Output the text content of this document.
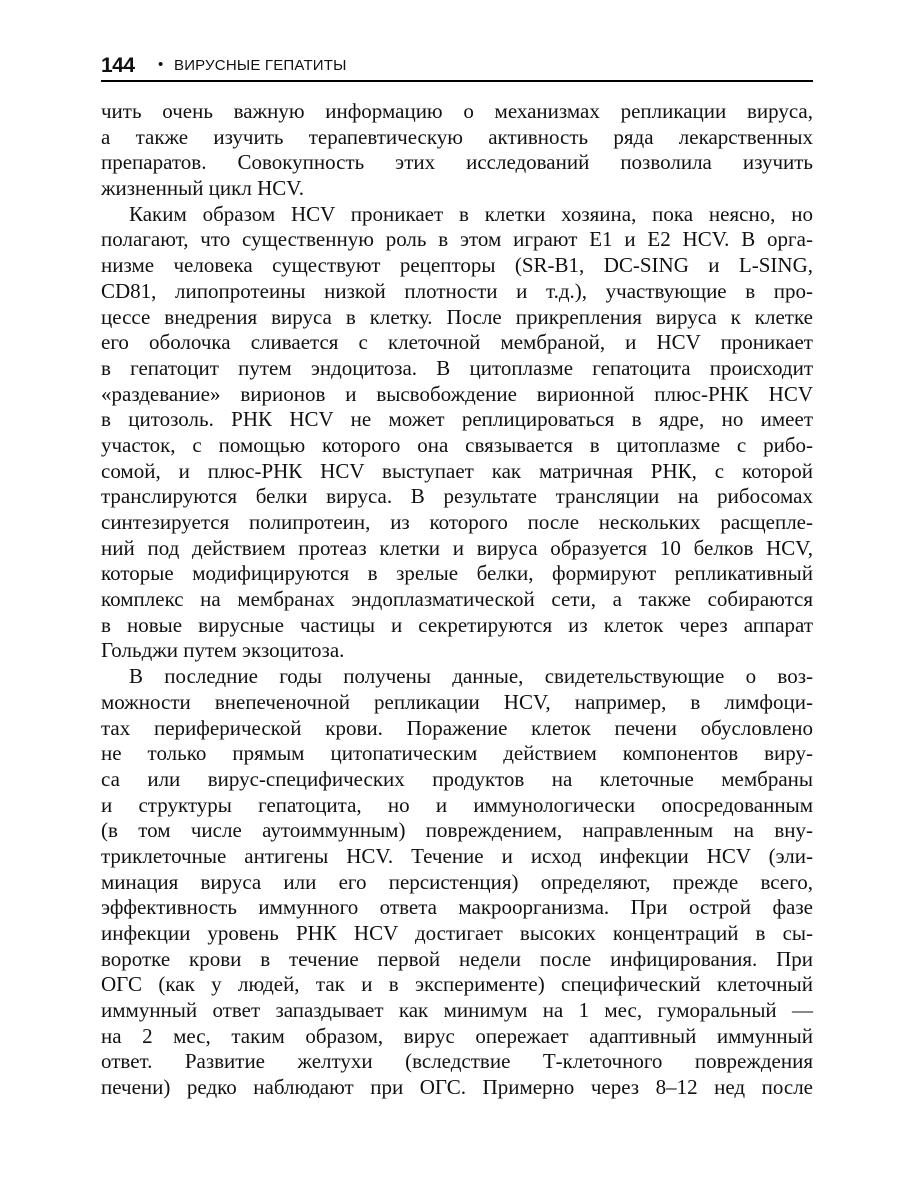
144 • ВИРУСНЫЕ ГЕПАТИТЫ
чить очень важную информацию о механизмах репликации вируса,
а также изучить терапевтическую активность ряда лекарственных
препаратов. Совокупность этих исследований позволила изучить
жизненный цикл HCV.
Каким образом HCV проникает в клетки хозяина, пока неясно, но
полагают, что существенную роль в этом играют E1 и E2 HCV. В орга-
низме человека существуют рецепторы (SR-B1, DC-SING и L-SING,
CD81, липопротеины низкой плотности и т.д.), участвующие в про-
цессе внедрения вируса в клетку. После прикрепления вируса к клетке
его оболочка сливается с клеточной мембраной, и HCV проникает
в гепатоцит путем эндоцитоза. В цитоплазме гепатоцита происходит
«раздевание» вирионов и высвобождение вирионной плюс-РНК HCV
в цитозоль. РНК HCV не может реплицироваться в ядре, но имеет
участок, с помощью которого она связывается в цитоплазме с рибо-
сомой, и плюс-РНК HCV выступает как матричная РНК, с которой
транслируются белки вируса. В результате трансляции на рибосомах
синтезируется полипротеин, из которого после нескольких расщепле-
ний под действием протеаз клетки и вируса образуется 10 белков HCV,
которые модифицируются в зрелые белки, формируют репликативный
комплекс на мембранах эндоплазматической сети, а также собираются
в новые вирусные частицы и секретируются из клеток через аппарат
Гольджи путем экзоцитоза.
В последние годы получены данные, свидетельствующие о воз-
можности внепеченочной репликации HCV, например, в лимфоци-
тах периферической крови. Поражение клеток печени обусловлено
не только прямым цитопатическим действием компонентов виру-
са или вирус-специфических продуктов на клеточные мембраны
и структуры гепатоцита, но и иммунологически опосредованным
(в том числе аутоиммунным) повреждением, направленным на вну-
триклеточные антигены HCV. Течение и исход инфекции HCV (эли-
минация вируса или его персистенция) определяют, прежде всего,
эффективность иммунного ответа макроорганизма. При острой фазе
инфекции уровень РНК HCV достигает высоких концентраций в сы-
воротке крови в течение первой недели после инфицирования. При
ОГС (как у людей, так и в эксперименте) специфический клеточный
иммунный ответ запаздывает как минимум на 1 мес, гуморальный —
на 2 мес, таким образом, вирус опережает адаптивный иммунный
ответ. Развитие желтухи (вследствие Т-клеточного повреждения
печени) редко наблюдают при ОГС. Примерно через 8–12 нед после
